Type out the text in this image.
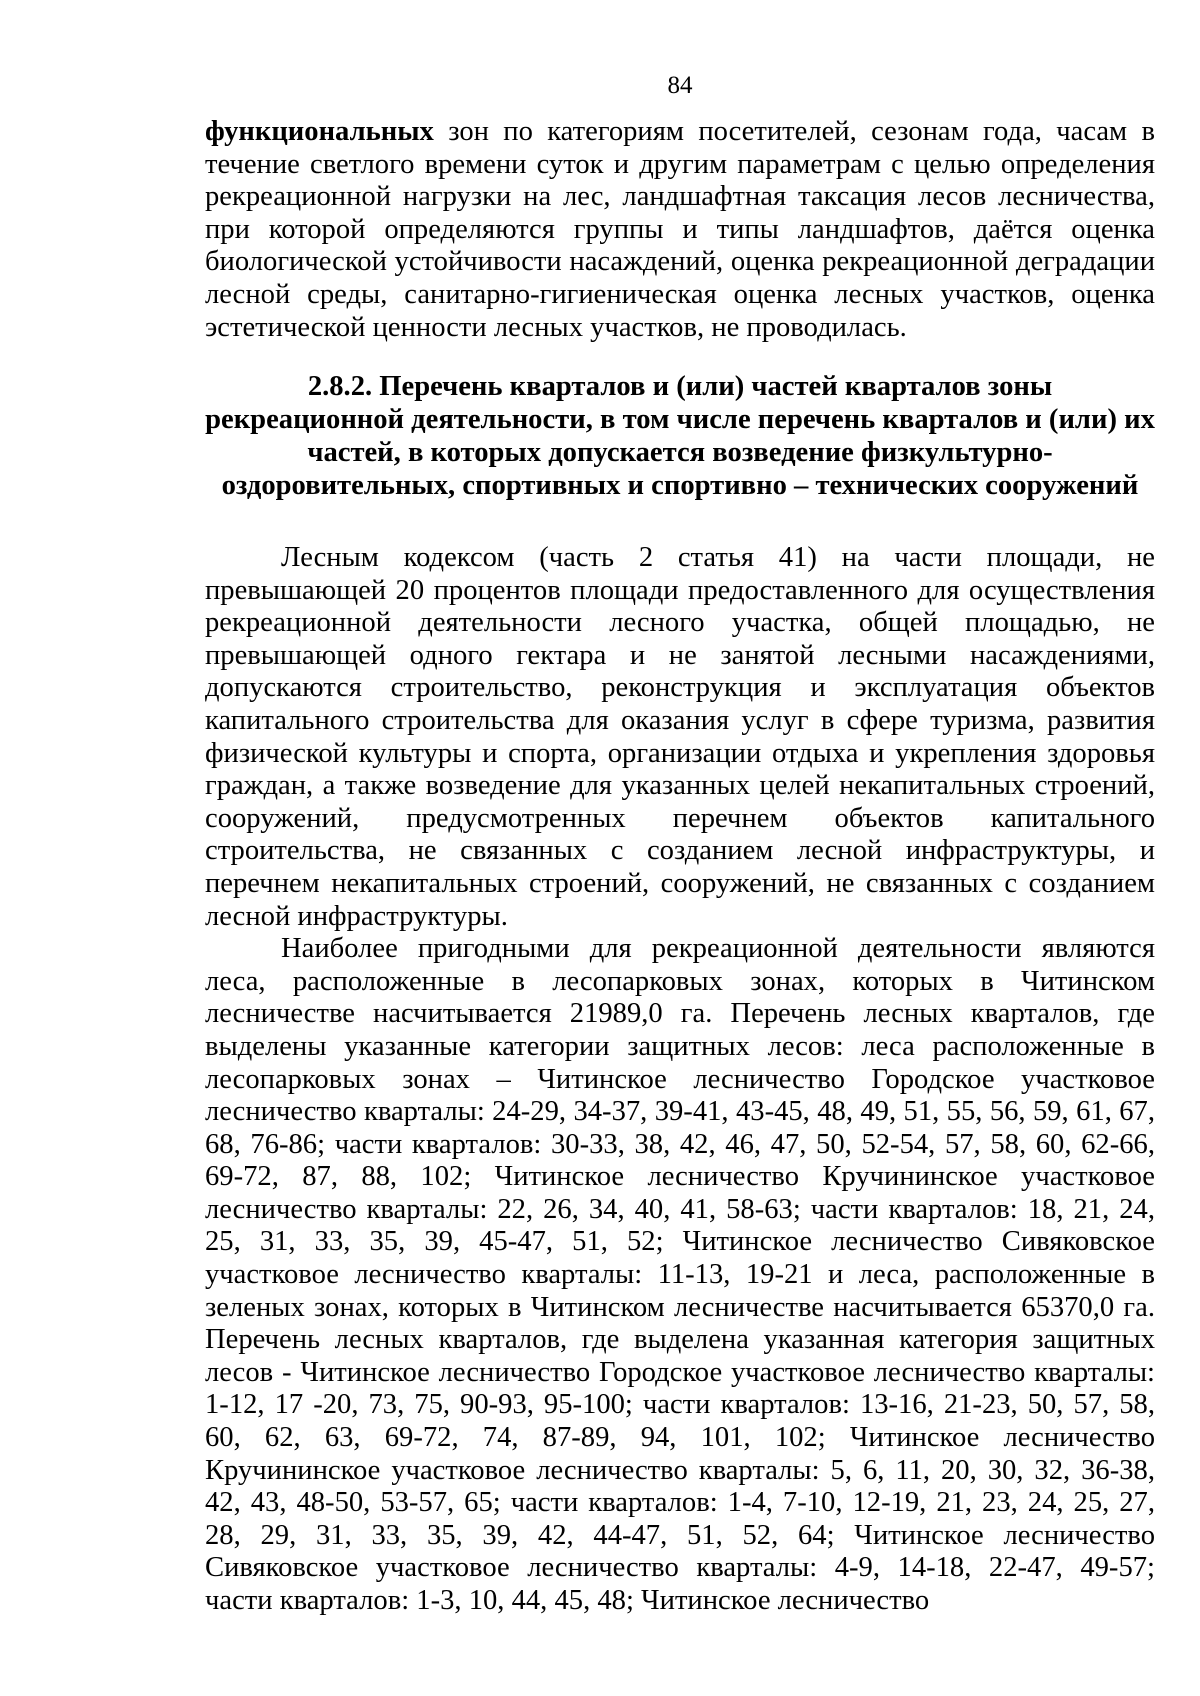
84

функциональных зон по категориям посетителей, сезонам года, часам в течение светлого времени суток и другим параметрам с целью определения рекреационной нагрузки на лес, ландшафтная таксация лесов лесничества, при которой определяются группы и типы ландшафтов, даётся оценка биологической устойчивости насаждений, оценка рекреационной деградации лесной среды, санитарно-гигиеническая оценка лесных участков, оценка эстетической ценности лесных участков, не проводилась.

2.8.2. Перечень кварталов и (или) частей кварталов зоны рекреационной деятельности, в том числе перечень кварталов и (или) их частей, в которых допускается возведение физкультурно-оздоровительных, спортивных и спортивно – технических сооружений

Лесным кодексом (часть 2 статья 41) на части площади, не превышающей 20 процентов площади предоставленного для осуществления рекреационной деятельности лесного участка, общей площадью, не превышающей одного гектара и не занятой лесными насаждениями, допускаются строительство, реконструкция и эксплуатация объектов капитального строительства для оказания услуг в сфере туризма, развития физической культуры и спорта, организации отдыха и укрепления здоровья граждан, а также возведение для указанных целей некапитальных строений, сооружений, предусмотренных перечнем объектов капитального строительства, не связанных с созданием лесной инфраструктуры, и перечнем некапитальных строений, сооружений, не связанных с созданием лесной инфраструктуры.

Наиболее пригодными для рекреационной деятельности являются леса, расположенные в лесопарковых зонах, которых в Читинском лесничестве насчитывается 21989,0 га. Перечень лесных кварталов, где выделены указанные категории защитных лесов: леса расположенные в лесопарковых зонах – Читинское лесничество Городское участковое лесничество кварталы: 24-29, 34-37, 39-41, 43-45, 48, 49, 51, 55, 56, 59, 61, 67, 68, 76-86; части кварталов: 30-33, 38, 42, 46, 47, 50, 52-54, 57, 58, 60, 62-66, 69-72, 87, 88, 102; Читинское лесничество Кручининское участковое лесничество кварталы: 22, 26, 34, 40, 41, 58-63; части кварталов: 18, 21, 24, 25, 31, 33, 35, 39, 45-47, 51, 52; Читинское лесничество Сивяковское участковое лесничество кварталы: 11-13, 19-21 и леса, расположенные в зеленых зонах, которых в Читинском лесничестве насчитывается 65370,0 га. Перечень лесных кварталов, где выделена указанная категория защитных лесов - Читинское лесничество Городское участковое лесничество кварталы: 1-12, 17 -20, 73, 75, 90-93, 95-100; части кварталов: 13-16, 21-23, 50, 57, 58, 60, 62, 63, 69-72, 74, 87-89, 94, 101, 102; Читинское лесничество Кручининское участковое лесничество кварталы: 5, 6, 11, 20, 30, 32, 36-38, 42, 43, 48-50, 53-57, 65; части кварталов: 1-4, 7-10, 12-19, 21, 23, 24, 25, 27, 28, 29, 31, 33, 35, 39, 42, 44-47, 51, 52, 64; Читинское лесничество Сивяковское участковое лесничество кварталы: 4-9, 14-18, 22-47, 49-57; части кварталов: 1-3, 10, 44, 45, 48; Читинское лесничество
